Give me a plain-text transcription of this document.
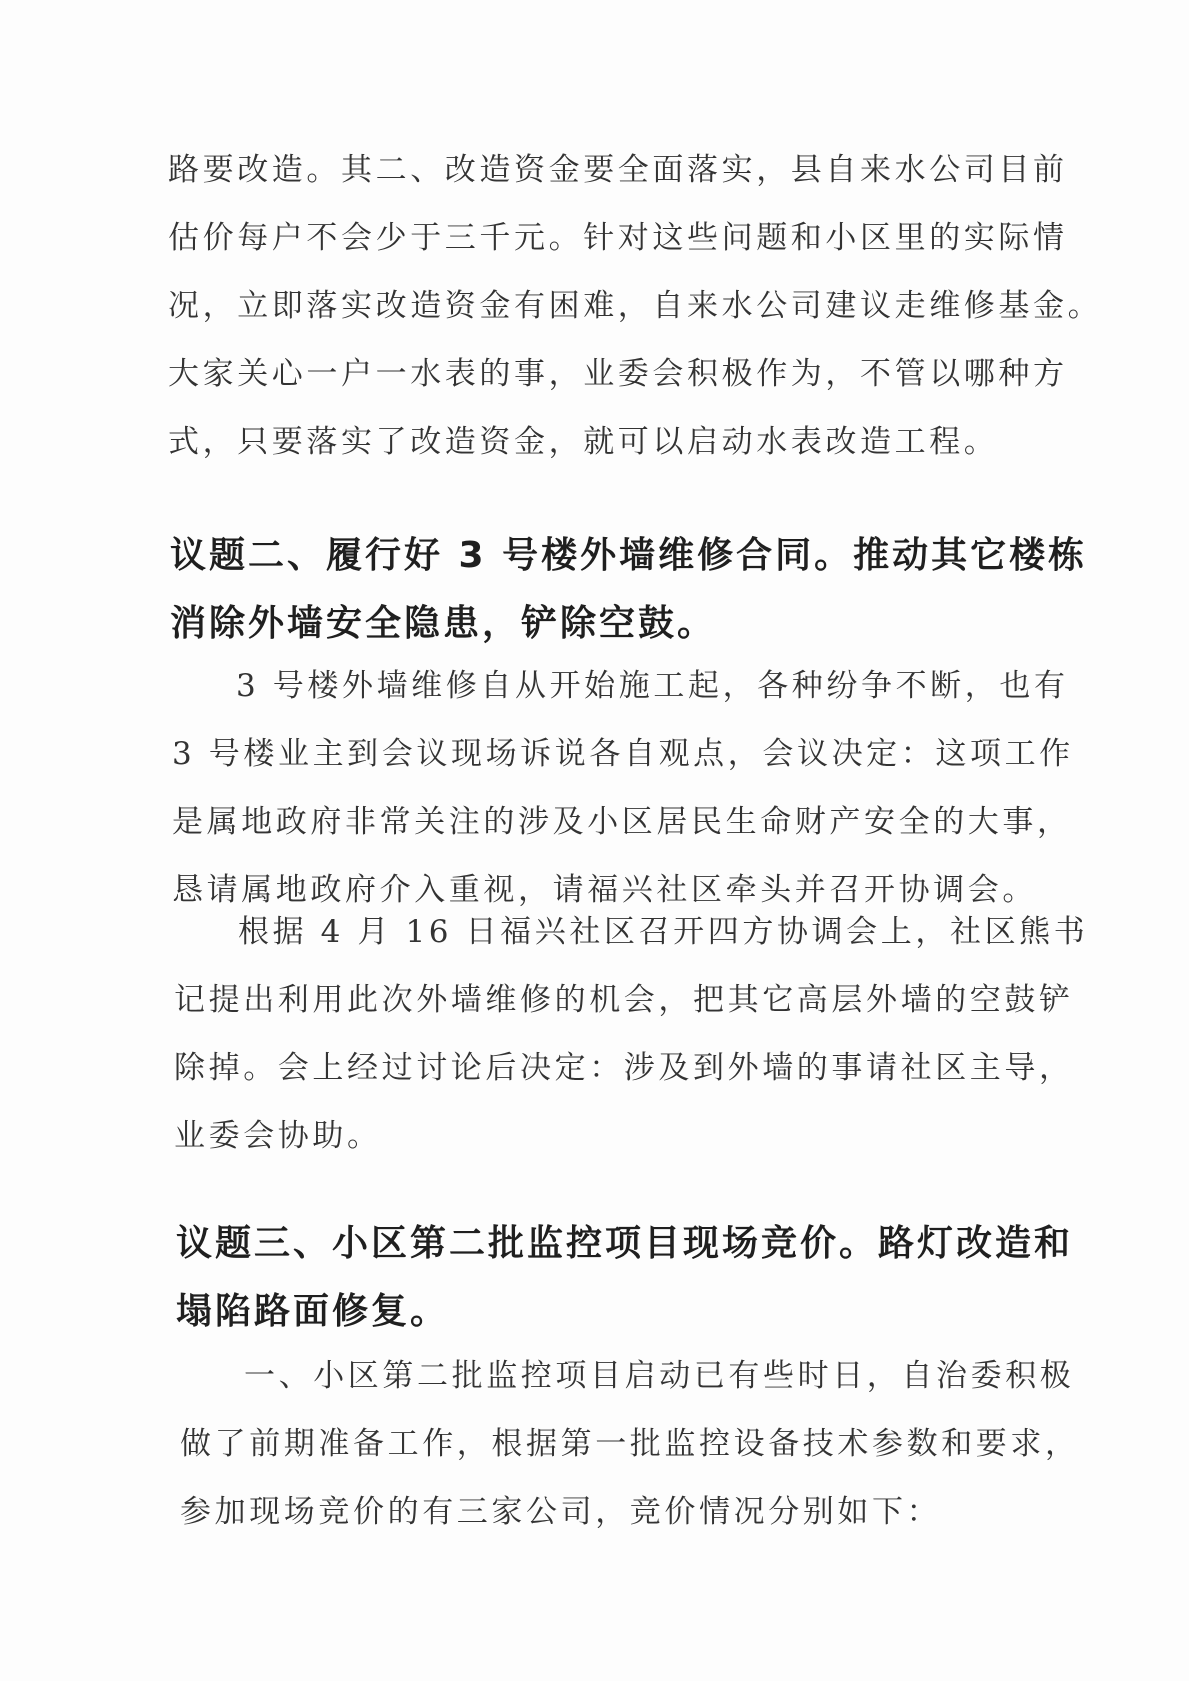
路要改造。其二、改造资金要全面落实，县自来水公司目前
估价每户不会少于三千元。针对这些问题和小区里的实际情
况，立即落实改造资金有困难，自来水公司建议走维修基金。
大家关心一户一水表的事，业委会积极作为，不管以哪种方
式，只要落实了改造资金，就可以启动水表改造工程。
议题二、履行好 3 号楼外墙维修合同。推动其它楼栋
消除外墙安全隐患，铲除空鼓。
3 号楼外墙维修自从开始施工起，各种纷争不断，也有
3 号楼业主到会议现场诉说各自观点，会议决定：这项工作
是属地政府非常关注的涉及小区居民生命财产安全的大事，
恳请属地政府介入重视，请福兴社区牵头并召开协调会。
根据 4 月 16 日福兴社区召开四方协调会上，社区熊书
记提出利用此次外墙维修的机会，把其它高层外墙的空鼓铲
除掉。会上经过讨论后决定：涉及到外墙的事请社区主导，
业委会协助。
议题三、小区第二批监控项目现场竞价。路灯改造和
塌陷路面修复。
一、小区第二批监控项目启动已有些时日，自治委积极
做了前期准备工作，根据第一批监控设备技术参数和要求，
参加现场竞价的有三家公司，竞价情况分别如下：
